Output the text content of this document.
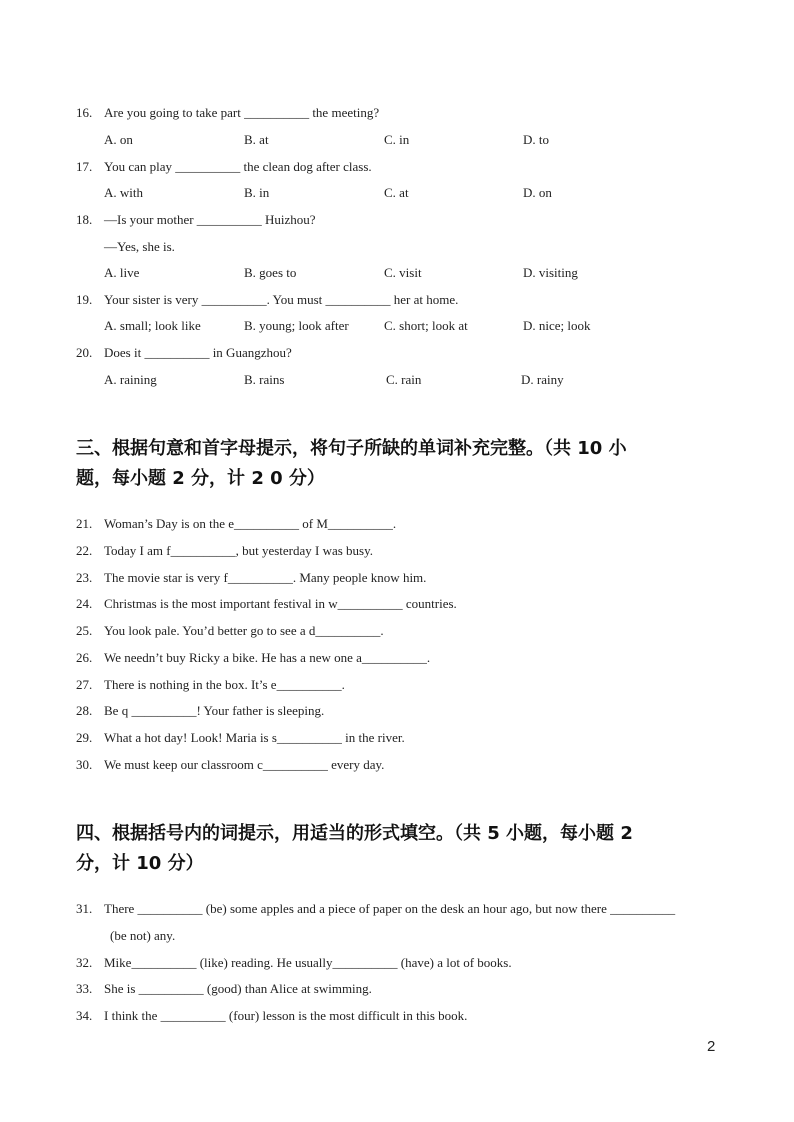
16. Are you going to take part __________ the meeting?
A. on	B. at	C. in	D. to
17. You can play __________ the clean dog after class.
A. with	B. in	C. at	D. on
18. —Is your mother __________ Huizhou?
—Yes, she is.
A. live	B. goes to	C. visit	D. visiting
19. Your sister is very __________. You must __________ her at home.
A. small; look like	B. young; look after	C. short; look at	D. nice; look
20. Does it __________ in Guangzhou?
A. raining	B. rains	C. rain	D. rainy
三、根据句意和首字母提示，将句子所缺的单词补充完整。（共 10 小
题，每小题 2 分，计 2 0 分）
21. Woman’s Day is on the e__________ of M__________.
22. Today I am f__________, but yesterday I was busy.
23. The movie star is very f__________. Many people know him.
24. Christmas is the most important festival in w__________ countries.
25. You look pale. You’d better go to see a d__________.
26. We needn’t buy Ricky a bike. He has a new one a__________.
27. There is nothing in the box. It’s e__________.
28. Be q __________! Your father is sleeping.
29. What a hot day! Look! Maria is s__________ in the river.
30. We must keep our classroom c__________ every day.
四、根据括号内的词提示，用适当的形式填空。（共 5 小题，每小题 2
分，计 10 分）
31. There __________ (be) some apples and a piece of paper on the desk an hour ago, but now there __________
(be not) any.
32. Mike__________ (like) reading. He usually__________ (have) a lot of books.
33. She is __________ (good) than Alice at swimming.
34. I think the __________ (four) lesson is the most difficult in this book.
2
